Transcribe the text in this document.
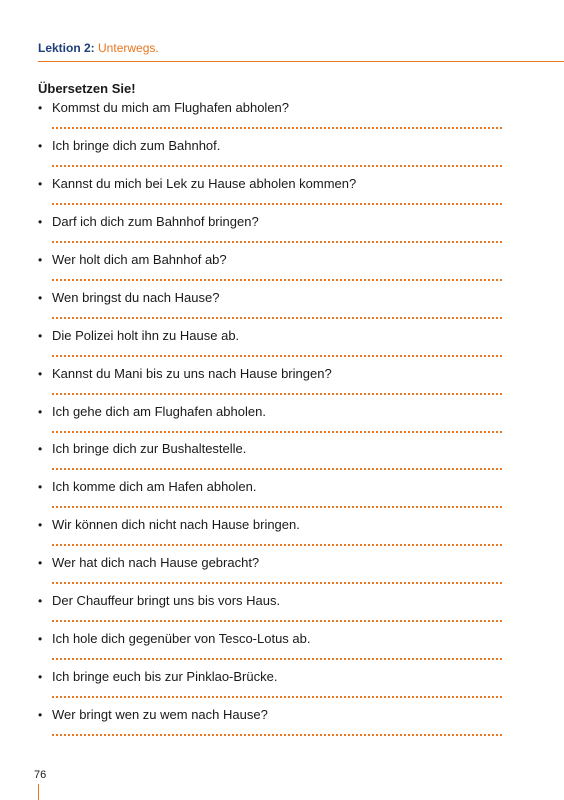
Lektion 2: Unterwegs.
Übersetzen Sie!
• Kommst du mich am Flughafen abholen?
• Ich bringe dich zum Bahnhof.
• Kannst du mich bei Lek zu Hause abholen kommen?
• Darf ich dich zum Bahnhof bringen?
• Wer holt dich am Bahnhof ab?
• Wen bringst du nach Hause?
• Die Polizei holt ihn zu Hause ab.
• Kannst du Mani bis zu uns nach Hause bringen?
• Ich gehe dich am Flughafen abholen.
• Ich bringe dich zur Bushaltestelle.
• Ich komme dich am Hafen abholen.
• Wir können dich nicht nach Hause bringen.
• Wer hat dich nach Hause gebracht?
• Der Chauffeur bringt uns bis vors Haus.
• Ich hole dich gegenüber von Tesco-Lotus ab.
• Ich bringe euch bis zur Pinklao-Brücke.
• Wer bringt wen zu wem nach Hause?
76
